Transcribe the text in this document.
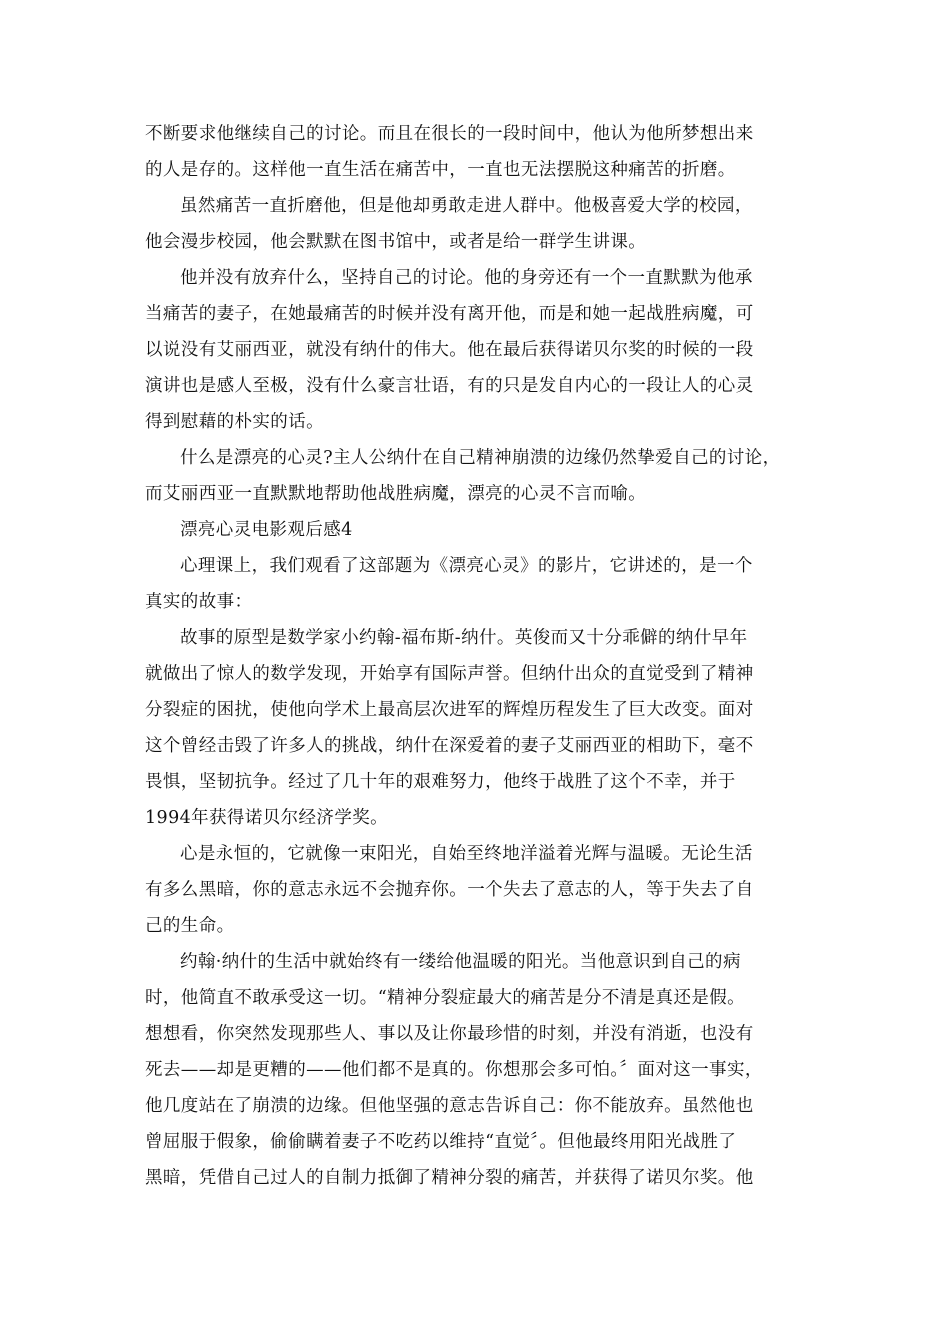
不断要求他继续自己的讨论。而且在很长的一段时间中，他认为他所梦想出来
的人是存的。这样他一直生活在痛苦中，一直也无法摆脱这种痛苦的折磨。
虽然痛苦一直折磨他，但是他却勇敢走进人群中。他极喜爱大学的校园，
他会漫步校园，他会默默在图书馆中，或者是给一群学生讲课。
他并没有放弃什么，坚持自己的讨论。他的身旁还有一个一直默默为他承
当痛苦的妻子，在她最痛苦的时候并没有离开他，而是和她一起战胜病魔，可
以说没有艾丽西亚，就没有纳什的伟大。他在最后获得诺贝尔奖的时候的一段
演讲也是感人至极，没有什么豪言壮语，有的只是发自内心的一段让人的心灵
得到慰藉的朴实的话。
什么是漂亮的心灵?主人公纳什在自己精神崩溃的边缘仍然挚爱自己的讨论，
而艾丽西亚一直默默地帮助他战胜病魔，漂亮的心灵不言而喻。
漂亮心灵电影观后感4
心理课上，我们观看了这部题为《漂亮心灵》的影片，它讲述的，是一个
真实的故事：
故事的原型是数学家小约翰-福布斯-纳什。英俊而又十分乖僻的纳什早年
就做出了惊人的数学发现，开始享有国际声誉。但纳什出众的直觉受到了精神
分裂症的困扰，使他向学术上最高层次进军的辉煌历程发生了巨大改变。面对
这个曾经击毁了许多人的挑战，纳什在深爱着的妻子艾丽西亚的相助下，毫不
畏惧，坚韧抗争。经过了几十年的艰难努力，他终于战胜了这个不幸，并于
1994年获得诺贝尔经济学奖。
心是永恒的，它就像一束阳光，自始至终地洋溢着光辉与温暖。无论生活
有多么黑暗，你的意志永远不会抛弃你。一个失去了意志的人，等于失去了自
己的生命。
约翰·纳什的生活中就始终有一缕给他温暖的阳光。当他意识到自己的病
时，他简直不敢承受这一切。“精神分裂症最大的痛苦是分不清是真还是假。
想想看，你突然发现那些人、事以及让你最珍惜的时刻，并没有消逝，也没有
死去——却是更糟的——他们都不是真的。你想那会多可怕。〞面对这一事实，
他几度站在了崩溃的边缘。但他坚强的意志告诉自己：你不能放弃。虽然他也
曾屈服于假象，偷偷瞒着妻子不吃药以维持“直觉〞。但他最终用阳光战胜了
黑暗，凭借自己过人的自制力抵御了精神分裂的痛苦，并获得了诺贝尔奖。他
